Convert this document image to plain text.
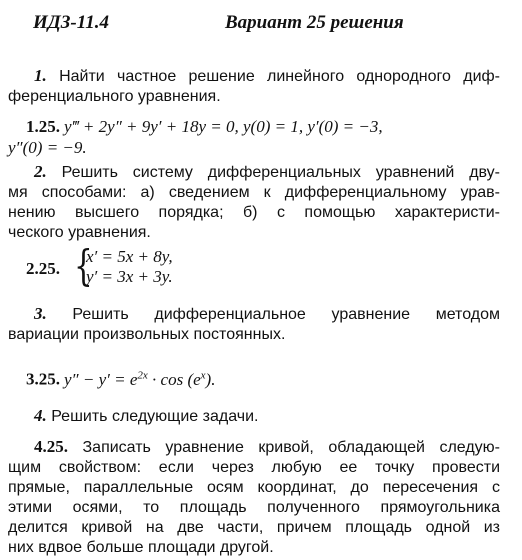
ИДЗ-11.4	Вариант 25 решения
1. Найти частное решение линейного однородного диф-
ференциального уравнения.
1.25. y‴ + 2y″ + 9y′ + 18y = 0, y(0) = 1, y′(0) = −3,
y″(0) = −9.
2. Решить систему дифференциальных уравнений дву-
мя способами: а) сведением к дифференциальному урав-
нению высшего порядка; б) с помощью характеристи-
ческого уравнения.
2.25. {
x′ = 5x + 8y,
y′ = 3x + 3y.
3. Решить дифференциальное уравнение методом
вариации произвольных постоянных.
3.25. $y'' - y' = e^{2x} \cdot \cos (e^x)$.
4. Решить следующие задачи.
4.25. Записать уравнение кривой, обладающей следую-
щим свойством: если через любую ее точку провести
прямые, параллельные осям координат, до пересечения с
этими осями, то площадь полученного прямоугольника
делится кривой на две части, причем площадь одной из
них вдвое больше площади другой.
